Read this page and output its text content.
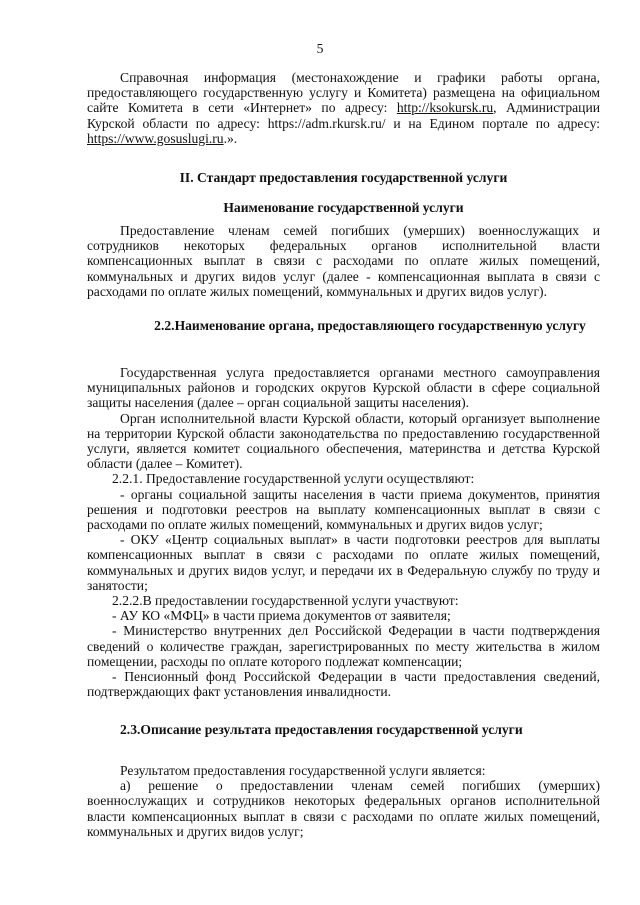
5

Справочная информация (местонахождение и графики работы органа, предоставляющего государственную услугу и Комитета) размещена на официальном сайте Комитета в сети «Интернет» по адресу: http://ksokursk.ru, Администрации Курской области по адресу: https://adm.rkursk.ru/ и на Едином портале по адресу: https://www.gosuslugi.ru.».

II. Стандарт предоставления государственной услуги
Наименование государственной услуги

Предоставление членам семей погибших (умерших) военнослужащих и сотрудников некоторых федеральных органов исполнительной власти компенсационных выплат в связи с расходами по оплате жилых помещений, коммунальных и других видов услуг (далее - компенсационная выплата в связи с расходами по оплате жилых помещений, коммунальных и других видов услуг).

2.2.Наименование органа, предоставляющего государственную услугу

Государственная услуга предоставляется органами местного самоуправления муниципальных районов и городских округов Курской области в сфере социальной защиты населения (далее – орган социальной защиты населения).

Орган исполнительной власти Курской области, который организует выполнение на территории Курской области законодательства по предоставлению государственной услуги, является комитет социального обеспечения, материнства и детства Курской области (далее – Комитет).

2.2.1. Предоставление государственной услуги осуществляют:

- органы социальной защиты населения в части приема документов, принятия решения и подготовки реестров на выплату компенсационных выплат в связи с расходами по оплате жилых помещений, коммунальных и других видов услуг;

- ОКУ «Центр социальных выплат» в части подготовки реестров для выплаты компенсационных выплат в связи с расходами по оплате жилых помещений, коммунальных и других видов услуг, и передачи их в Федеральную службу по труду и занятости;

2.2.2.В предоставлении государственной услуги участвуют:

- АУ КО «МФЦ» в части приема документов от заявителя;

- Министерство внутренних дел Российской Федерации в части подтверждения сведений о количестве граждан, зарегистрированных по месту жительства в жилом помещении, расходы по оплате которого подлежат компенсации;

- Пенсионный фонд Российской Федерации в части предоставления сведений, подтверждающих факт установления инвалидности.

2.3.Описание результата предоставления государственной услуги

Результатом предоставления государственной услуги является:

а) решение о предоставлении членам семей погибших (умерших) военнослужащих и сотрудников некоторых федеральных органов исполнительной власти компенсационных выплат в связи с расходами по оплате жилых помещений, коммунальных и других видов услуг;
